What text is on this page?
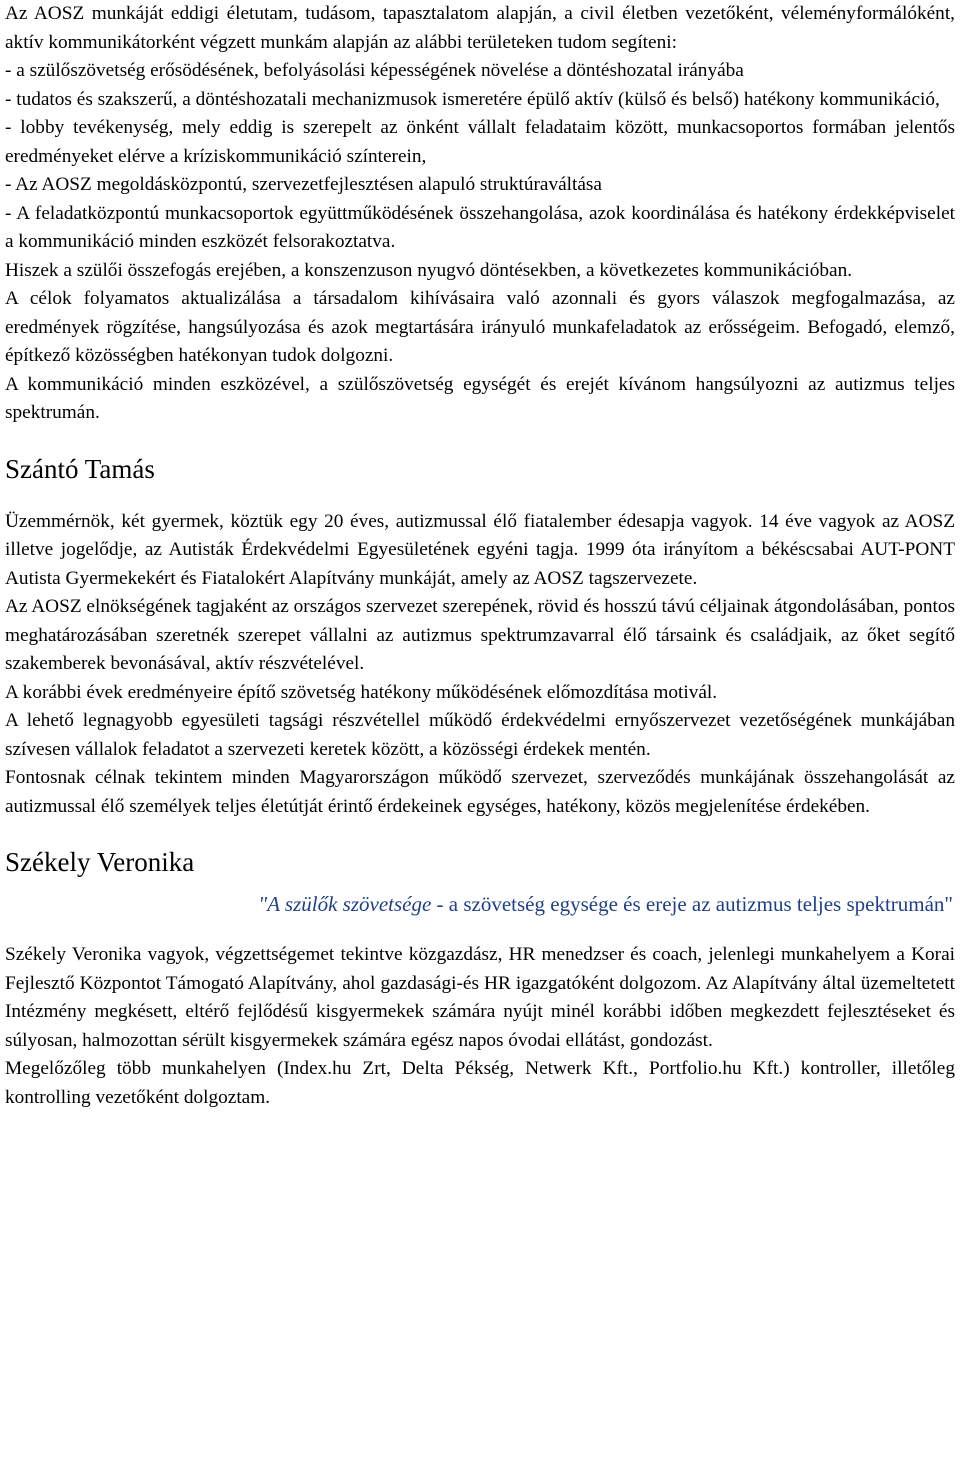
Az AOSZ munkáját eddigi életutam, tudásom, tapasztalatom alapján, a civil életben vezetőként, véleményformálóként, aktív kommunikátorként végzett munkám alapján az alábbi területeken tudom segíteni:

- a szülőszövetség erősödésének, befolyásolási képességének növelése a döntéshozatal irányába

- tudatos és szakszerű, a döntéshozatali mechanizmusok ismeretére épülő aktív (külső és belső) hatékony kommunikáció,

- lobby tevékenység, mely eddig is szerepelt az önként vállalt feladataim között, munkacsoportos formában jelentős eredményeket elérve a kríziskommunikáció színterein,

- Az AOSZ megoldásközpontú, szervezetfejlesztésen alapuló struktúraváltása

- A feladatközpontú munkacsoportok együttműködésének összehangolása, azok koordinálása és hatékony érdekképviselet a kommunikáció minden eszközét felsorakoztatva.

Hiszek a szülői összefogás erejében, a konszenzuson nyugvó döntésekben, a következetes kommunikációban.

A célok folyamatos aktualizálása a társadalom kihívásaira való azonnali és gyors válaszok megfogalmazása, az eredmények rögzítése, hangsúlyozása és azok megtartására irányuló munkafeladatok az erősségeim. Befogadó, elemző, építkező közösségben hatékonyan tudok dolgozni.

A kommunikáció minden eszközével, a szülőszövetség egységét és erejét kívánom hangsúlyozni az autizmus teljes spektrumán.

Szántó Tamás

Üzemmérnök, két gyermek, köztük egy 20 éves, autizmussal élő fiatalember édesapja vagyok. 14 éve vagyok az AOSZ illetve jogelődje, az Autisták Érdekvédelmi Egyesületének egyéni tagja. 1999 óta irányítom a békéscsabai AUT-PONT Autista Gyermekekért és Fiatalokért Alapítvány munkáját, amely az AOSZ tagszervezete.

Az AOSZ elnökségének tagjaként az országos szervezet szerepének, rövid és hosszú távú céljainak átgondolásában, pontos meghatározásában szeretnék szerepet vállalni az autizmus spektrumzavarral élő társaink és családjaik, az őket segítő szakemberek bevonásával, aktív részvételével.

A korábbi évek eredményeire építő szövetség hatékony működésének előmozdítása motivál.

A lehető legnagyobb egyesületi tagsági részvétellel működő érdekvédelmi ernyőszervezet vezetőségének munkájában szívesen vállalok feladatot a szervezeti keretek között, a közösségi érdekek mentén.

Fontosnak célnak tekintem minden Magyarországon működő szervezet, szerveződés munkájának összehangolását az autizmussal élő személyek teljes életútját érintő érdekeinek egységes, hatékony, közös megjelenítése érdekében.

Székely Veronika

"A szülők szövetsége - a szövetség egysége és ereje az autizmus teljes spektrumán"

Székely Veronika vagyok, végzettségemet tekintve közgazdász, HR menedzser és coach, jelenlegi munkahelyem a Korai Fejlesztő Központot Támogató Alapítvány, ahol gazdasági-és HR igazgatóként dolgozom. Az Alapítvány által üzemeltetett Intézmény megkésett, eltérő fejlődésű kisgyermekek számára nyújt minél korábbi időben megkezdett fejlesztéseket és súlyosan, halmozottan sérült kisgyermekek számára egész napos óvodai ellátást, gondozást.

Megelőzőleg több munkahelyen (Index.hu Zrt, Delta Pékség, Netwerk Kft., Portfolio.hu Kft.) kontroller, illetőleg kontrolling vezetőként dolgoztam.
